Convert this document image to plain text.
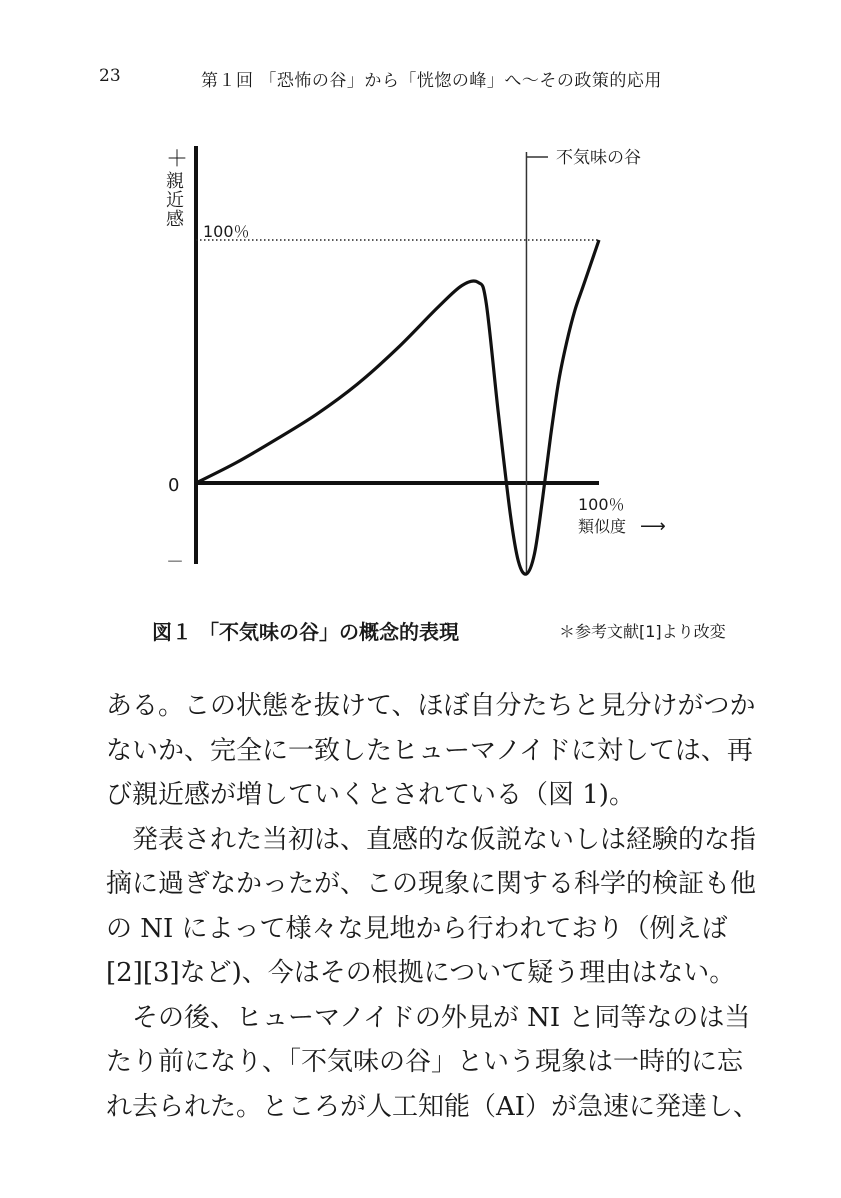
23	第１回 「恐怖の谷」から「恍惚の峰」へ～その政策的応用
＋
親
近
感
100％
0
－
100％
類似度 ⟶
不気味の谷
図１ 「不気味の谷」の概念的表現	＊参考文献[1]より改変
ある。この状態を抜けて、ほぼ自分たちと見分けがつか
ないか、完全に一致したヒューマノイドに対しては、再
び親近感が増していくとされている（図 1)。
　発表された当初は、直感的な仮説ないしは経験的な指
摘に過ぎなかったが、この現象に関する科学的検証も他
の NI によって様々な見地から行われており（例えば
[2][3]など)、今はその根拠について疑う理由はない。
　その後、ヒューマノイドの外見が NI と同等なのは当
たり前になり、「不気味の谷」という現象は一時的に忘
れ去られた。ところが人工知能（AI）が急速に発達し、
